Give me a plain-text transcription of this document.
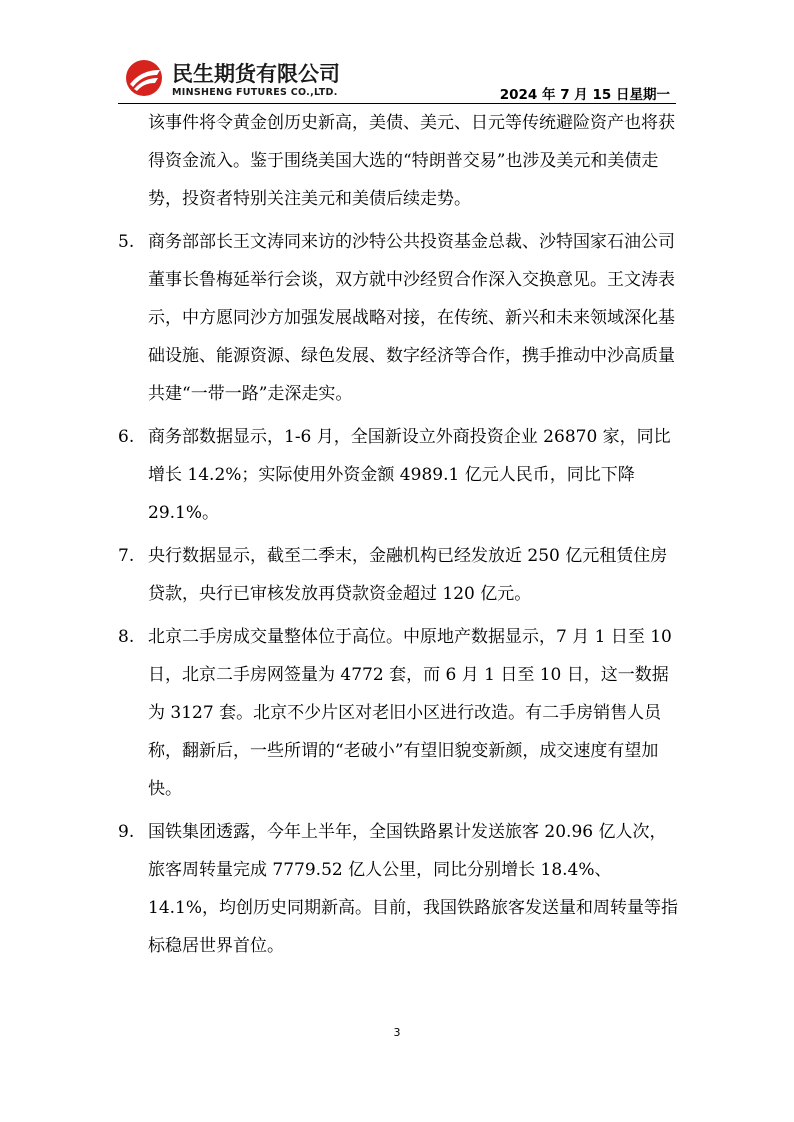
民生期货有限公司
MINSHENG FUTURES CO.,LTD.	2024 年 7 月 15 日星期一
该事件将令黄金创历史新高，美债、美元、日元等传统避险资产也将获得资金流入。鉴于围绕美国大选的“特朗普交易”也涉及美元和美债走势，投资者特别关注美元和美债后续走势。
5. 商务部部长王文涛同来访的沙特公共投资基金总裁、沙特国家石油公司董事长鲁梅延举行会谈，双方就中沙经贸合作深入交换意见。王文涛表示，中方愿同沙方加强发展战略对接，在传统、新兴和未来领域深化基础设施、能源资源、绿色发展、数字经济等合作，携手推动中沙高质量共建“一带一路”走深走实。
6. 商务部数据显示，1-6 月，全国新设立外商投资企业 26870 家，同比增长 14.2%；实际使用外资金额 4989.1 亿元人民币，同比下降 29.1%。
7. 央行数据显示，截至二季末，金融机构已经发放近 250 亿元租赁住房贷款，央行已审核发放再贷款资金超过 120 亿元。
8. 北京二手房成交量整体位于高位。中原地产数据显示，7 月 1 日至 10 日，北京二手房网签量为 4772 套，而 6 月 1 日至 10 日，这一数据为 3127 套。北京不少片区对老旧小区进行改造。有二手房销售人员称，翻新后，一些所谓的“老破小”有望旧貌变新颜，成交速度有望加快。
9. 国铁集团透露，今年上半年，全国铁路累计发送旅客 20.96 亿人次，旅客周转量完成 7779.52 亿人公里，同比分别增长 18.4%、14.1%，均创历史同期新高。目前，我国铁路旅客发送量和周转量等指标稳居世界首位。
3
